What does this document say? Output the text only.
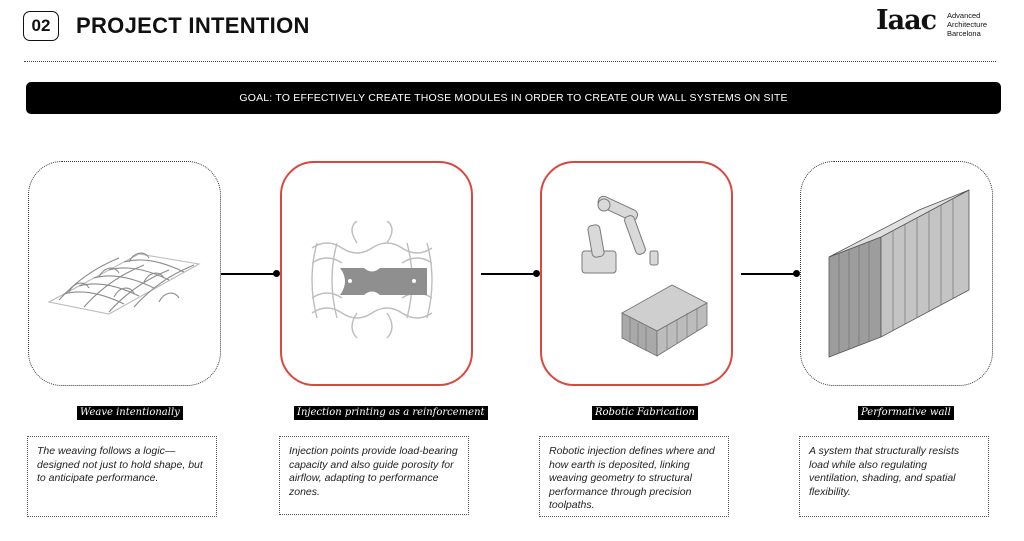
02 PROJECT INTENTION	Iaac Advanced
Architecture
Barcelona
GOAL: TO EFFECTIVELY CREATE THOSE MODULES IN ORDER TO CREATE OUR WALL SYSTEMS ON SITE
Weave intentionally	Injection printing as a reinforcement	Robotic Fabrication	Performative wall
The weaving follows a logic—designed not just to hold shape, but to anticipate performance.
Injection points provide load-bearing capacity and also guide porosity for airflow, adapting to performance zones.
Robotic injection defines where and how earth is deposited, linking weaving geometry to structural performance through precision toolpaths.
A system that structurally resists load while also regulating ventilation, shading, and spatial flexibility.
